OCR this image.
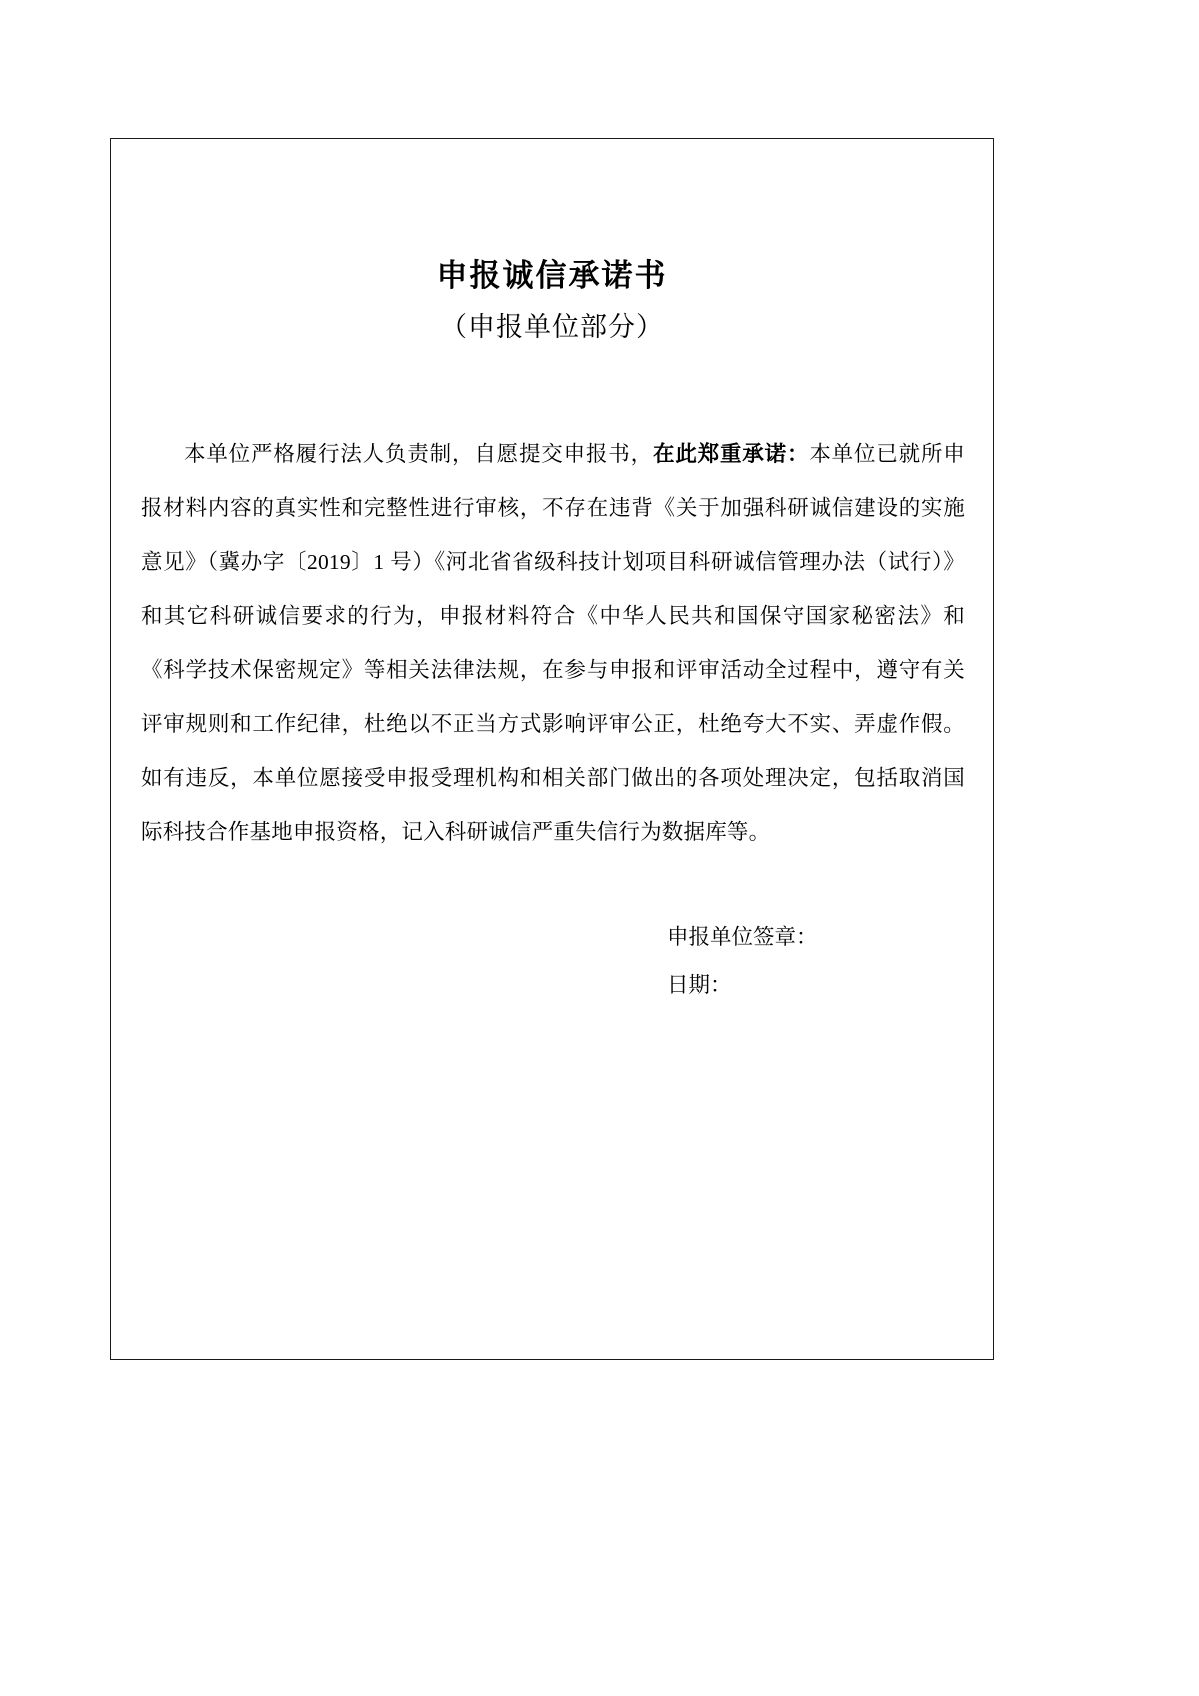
申报诚信承诺书
（申报单位部分）

本单位严格履行法人负责制，自愿提交申报书，在此郑重承诺：本单位已就所申报材料内容的真实性和完整性进行审核，不存在违背《关于加强科研诚信建设的实施意见》（冀办字〔2019〕1 号）《河北省省级科技计划项目科研诚信管理办法（试行）》和其它科研诚信要求的行为，申报材料符合《中华人民共和国保守国家秘密法》和《科学技术保密规定》等相关法律法规，在参与申报和评审活动全过程中，遵守有关评审规则和工作纪律，杜绝以不正当方式影响评审公正，杜绝夸大不实、弄虚作假。如有违反，本单位愿接受申报受理机构和相关部门做出的各项处理决定，包括取消国际科技合作基地申报资格，记入科研诚信严重失信行为数据库等。

申报单位签章：

日期：
